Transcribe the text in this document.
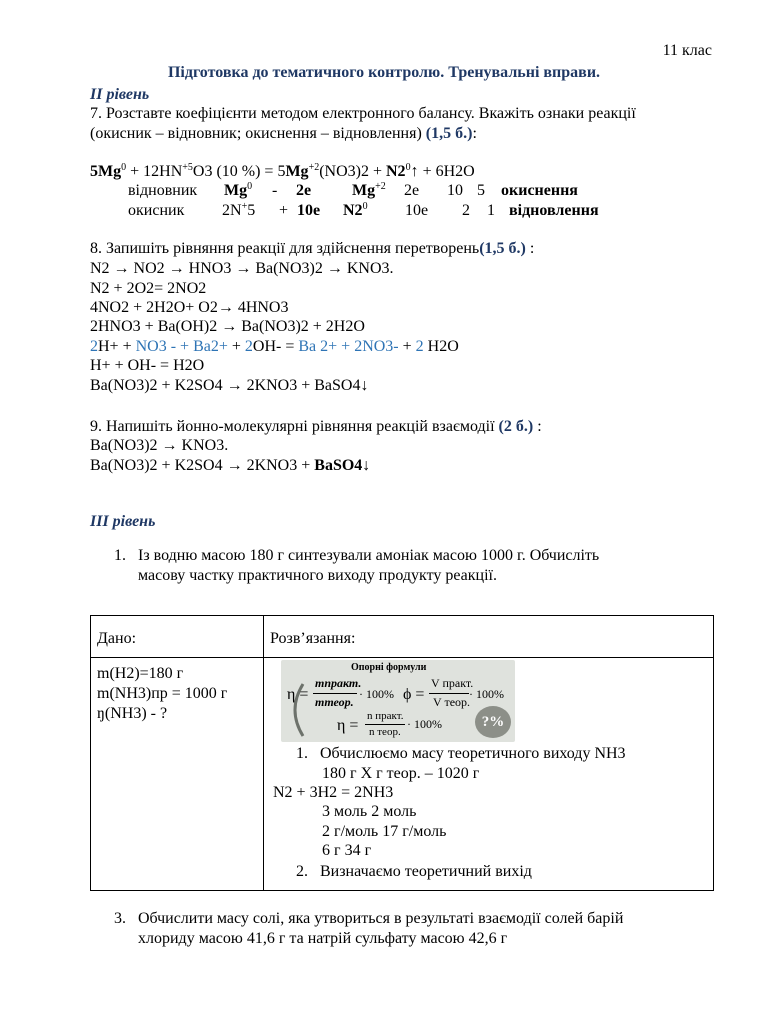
11 клас
Підготовка до тематичного контролю. Тренувальні вправи.
ІІ рівень
7. Розставте коефіцієнти методом електронного балансу. Вкажіть ознаки реакції
(окисник – відновник; окиснення – відновлення) (1,5 б.):
$5Mg^0 + 12HN^{+5}O3$ (10 %) = $5Mg^{+2}(NO3)2$ + $N2^0↑ + 6H2O$
відновник Mg$^0$ - 2e	$Mg^{+2}$ 2e 10 5 окиснення
окисник 2N+5 + 10e $N2^0$ 10e 2 1 відновлення
8. Запишіть рівняння реакції для здійснення перетворень(1,5 б.) :
N2 → NO2 → HNO3 → Ba(NO3)2 → KNO3.
N2 + 2O2= 2NO2
4NO2 + 2H2O+ O2→ 4HNO3
2HNO3 + Ba(OH)2 → Ba(NO3)2 + 2H2O
2H+ + NO3 - + Ba2+ + 2OH- = Ba 2+ + 2NO3- + 2 H2O
H+ + OH- = H2O
Ba(NO3)2 + K2SO4 → 2KNO3 + BaSO4↓
9. Напишіть йонно-молекулярні рівняння реакцій взаємодії (2 б.) :
Ba(NO3)2 → KNO3.
Ba(NO3)2 + K2SO4 → 2KNO3 + BaSO4↓
ІІІ рівень
1. Із водню масою 180 г синтезували амоніак масою 1000 г. Обчисліть
масову частку практичного виходу продукту реакції.
Дано:	Розв’язання:

m(H2)=180 г
m(NH3)пр = 1000 г
ŋ(NH3) - ?	

Опорні формули
η =
mпракт.
mтеор.
· 100% ϕ =
V практ.
V теор.
· 100%
η =
n практ.
n теор.
· 100%	?%
1. Обчислюємо масу теоретичного виходу NH3
180 г Х г теор. – 1020 г
N2 + 3H2 = 2NH3
3 моль 2 моль
2 г/моль 17 г/моль
6 г 34 г
2. Визначаємо теоретичний вихід
3. Обчислити масу солі, яка утвориться в результаті взаємодії солей барій
хлориду масою 41,6 г та натрій сульфату масою 42,6 г
